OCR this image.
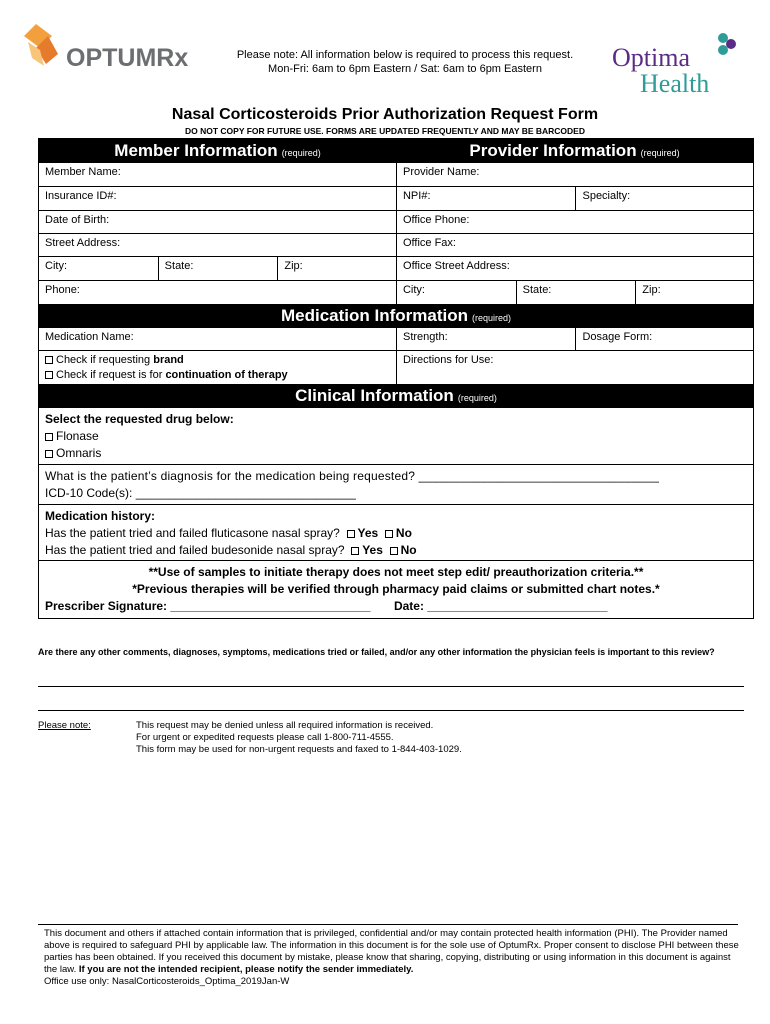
OPTUMRx	Please note: All information below is required to process this request.
Mon-Fri: 6am to 6pm Eastern / Sat: 6am to 6pm Eastern	Optima
Health
Nasal Corticosteroids Prior Authorization Request Form
DO NOT COPY FOR FUTURE USE. FORMS ARE UPDATED FREQUENTLY AND MAY BE BARCODED
Member Information (required)	Provider Information (required)
Member Name:	Provider Name:
Insurance ID#:	NPI#:	Specialty:
Date of Birth:	Office Phone:
Street Address:	Office Fax:
City:	State:	Zip:	Office Street Address:
Phone:	City:	State:	Zip:
Medication Information (required)
Medication Name:	Strength:	Dosage Form:
Check if requesting brand
Check if request is for continuation of therapy
Directions for Use:
Clinical Information (required)
Select the requested drug below:
Flonase
Omnaris
What is the patient’s diagnosis for the medication being requested? ___________________________________
ICD-10 Code(s): _________________________________
Medication history:
Has the patient tried and failed fluticasone nasal spray? Yes No
Has the patient tried and failed budesonide nasal spray? Yes No
**Use of samples to initiate therapy does not meet step edit/ preauthorization criteria.**
*Previous therapies will be verified through pharmacy paid claims or submitted chart notes.*
Prescriber Signature: ______________________________ Date: ___________________________
Are there any other comments, diagnoses, symptoms, medications tried or failed, and/or any other information the physician feels is important to this review?
Please note:	This request may be denied unless all required information is received.
For urgent or expedited requests please call 1-800-711-4555.
This form may be used for non-urgent requests and faxed to 1-844-403-1029.
This document and others if attached contain information that is privileged, confidential and/or may contain protected health information (PHI). The Provider named above is required to safeguard PHI by applicable law. The information in this document is for the sole use of OptumRx. Proper consent to disclose PHI between these parties has been obtained. If you received this document by mistake, please know that sharing, copying, distributing or using information in this document is against the law. If you are not the intended recipient, please notify the sender immediately.
Office use only: NasalCorticosteroids_Optima_2019Jan-W
